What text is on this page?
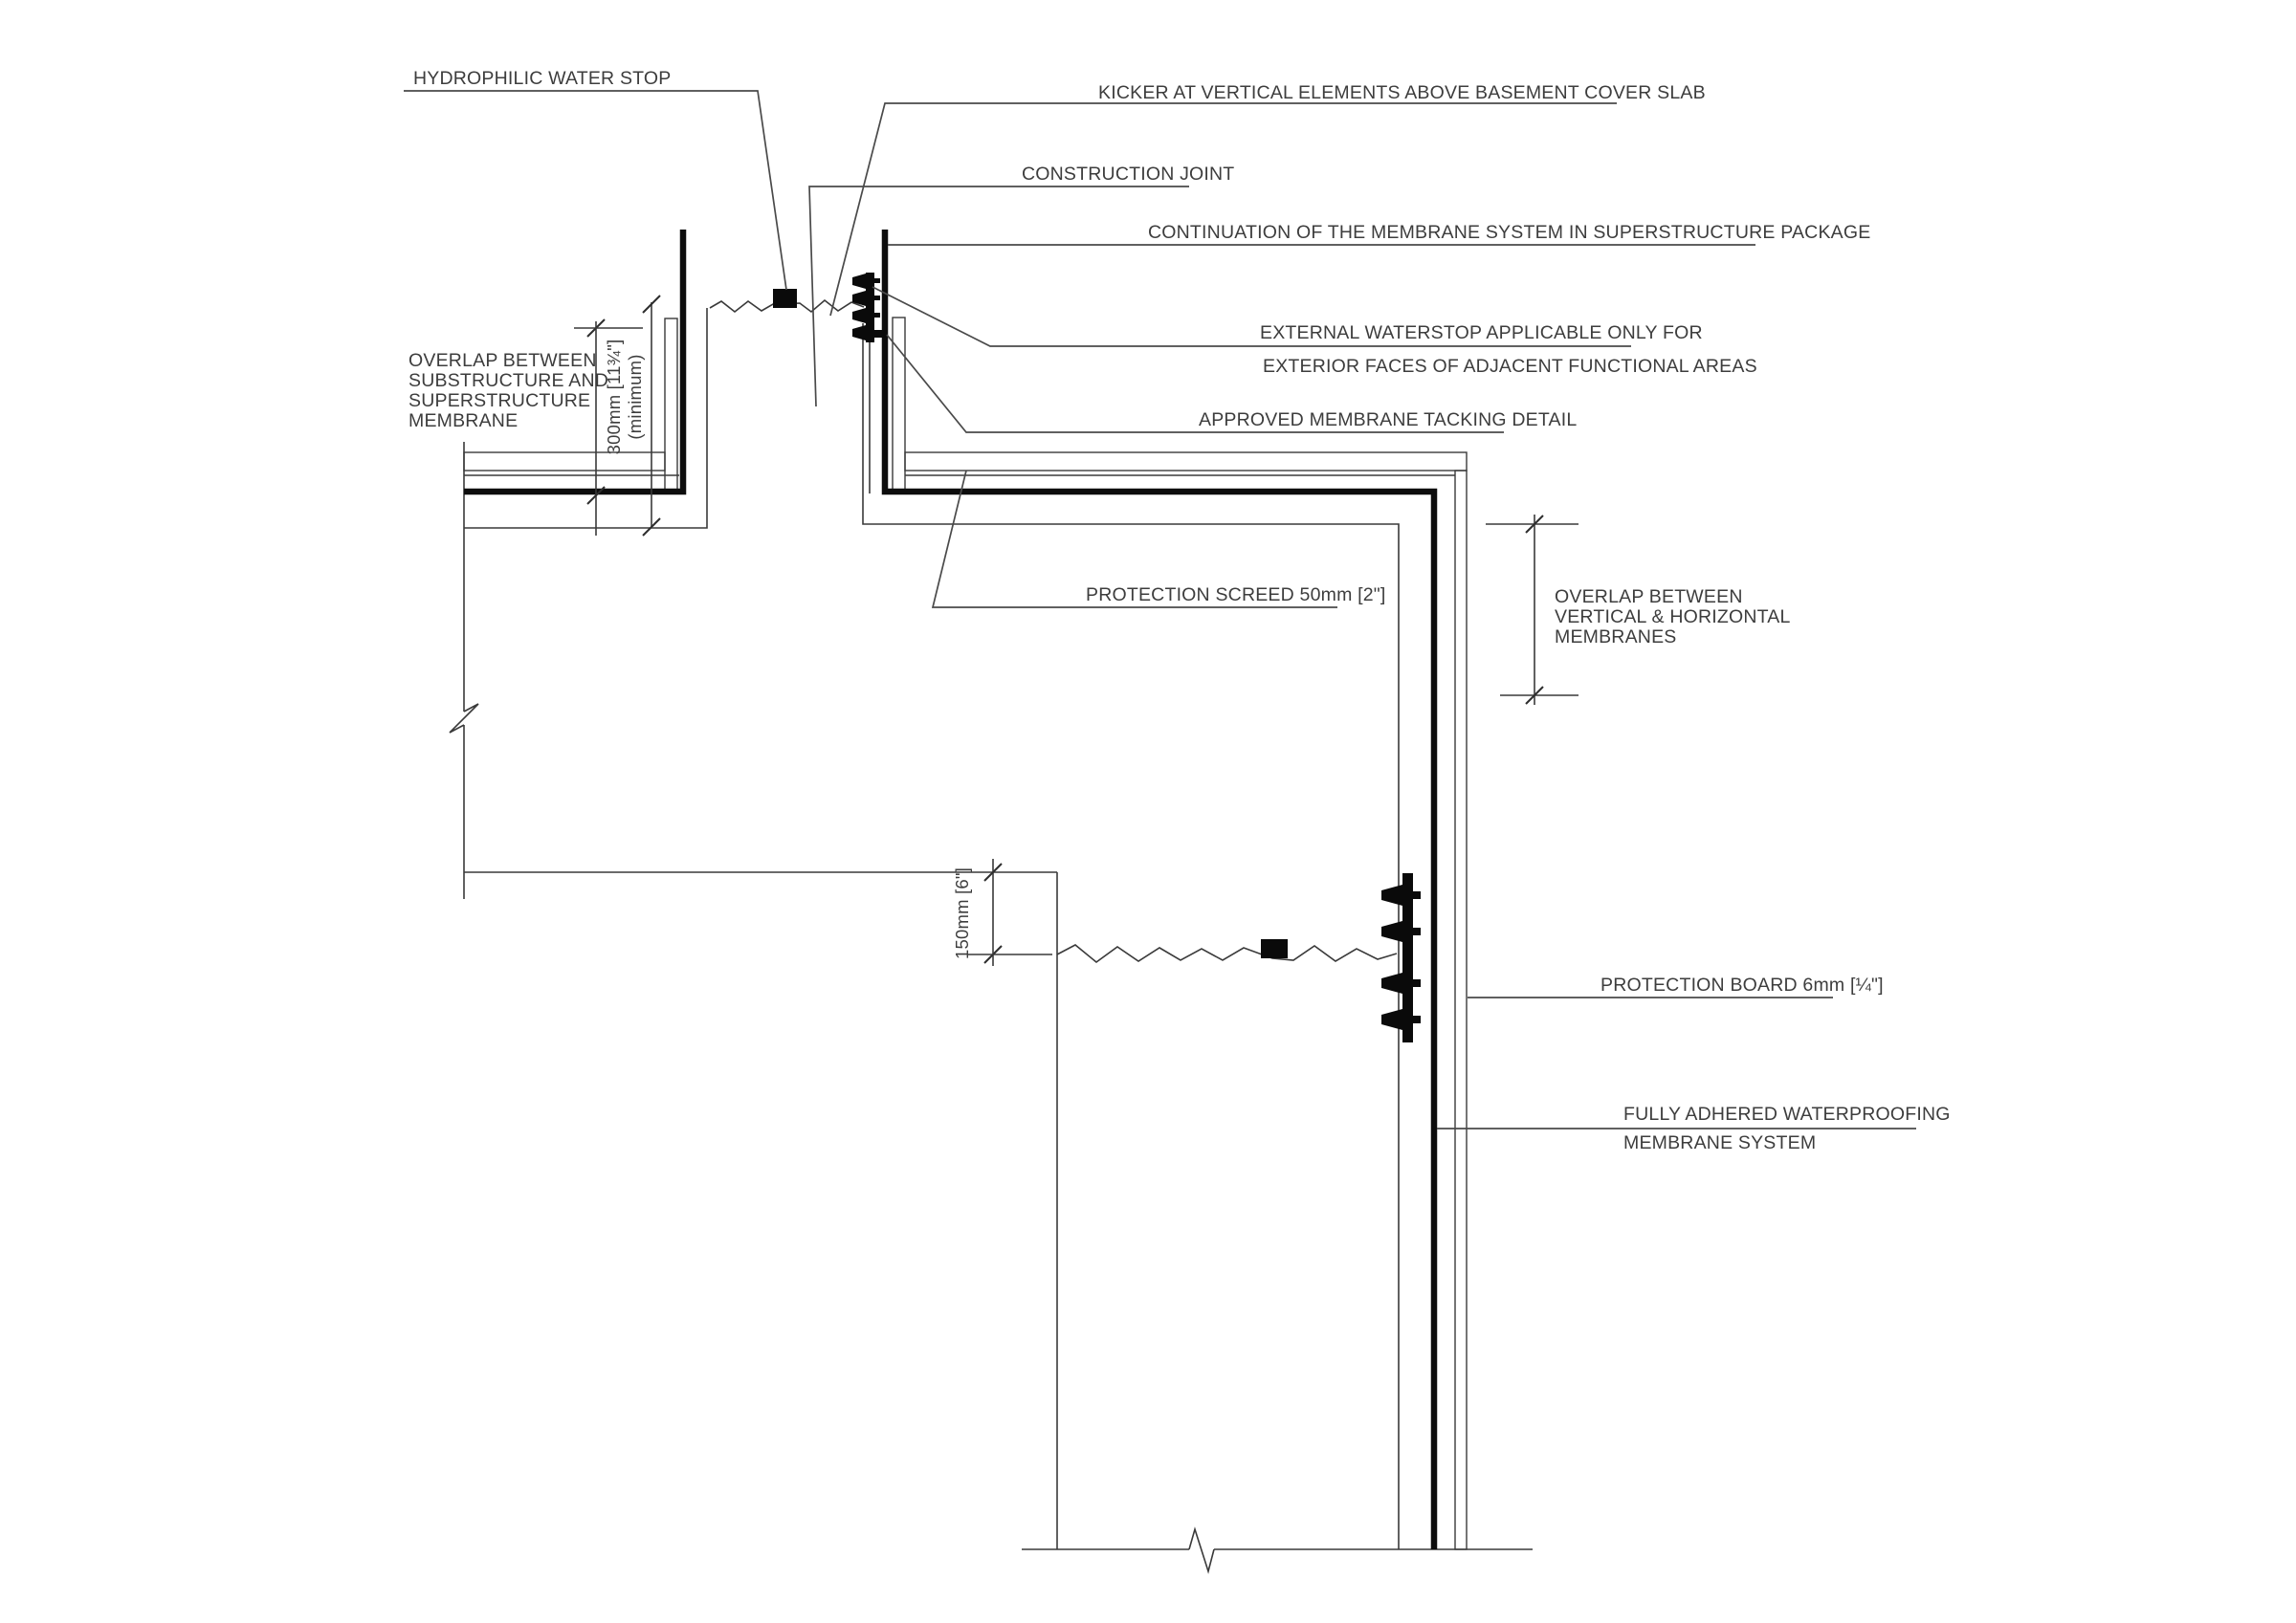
300mm [11¾"] (minimum)
150mm [6"]
HYDROPHILIC WATER STOP
KICKER AT VERTICAL ELEMENTS ABOVE BASEMENT COVER SLAB
CONSTRUCTION JOINT
CONTINUATION OF THE MEMBRANE SYSTEM IN SUPERSTRUCTURE PACKAGE
EXTERNAL WATERSTOP APPLICABLE ONLY FOR
EXTERIOR FACES OF ADJACENT FUNCTIONAL AREAS
APPROVED MEMBRANE TACKING DETAIL
PROTECTION SCREED 50mm [2"]	OVERLAP BETWEEN
VERTICAL & HORIZONTAL
MEMBRANES
PROTECTION BOARD 6mm [¼"]
FULLY ADHERED WATERPROOFING
MEMBRANE SYSTEM
OVERLAP BETWEEN
SUBSTRUCTURE AND
SUPERSTRUCTURE
MEMBRANE
